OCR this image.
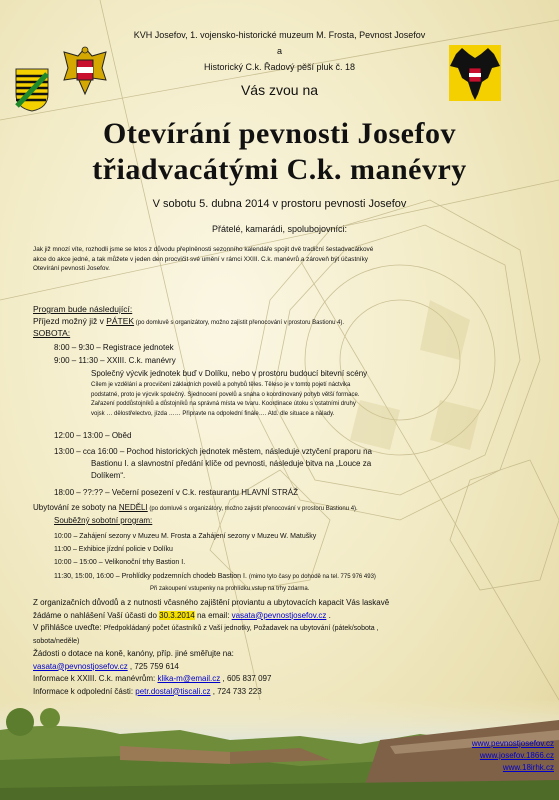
KVH Josefov, 1. vojensko-historické muzeum M. Frosta, Pevnost Josefov
a
Historický C.k. Řadový pěší pluk č. 18
Vás zvou na
Otevírání pevnosti Josefov
třiadvacátými C.k. manévry
V sobotu 5. dubna 2014 v prostoru pevnosti Josefov
Přátelé, kamarádi, spolubojovníci:
Jak již mnozí víte, rozhodli jsme se letos z důvodu přeplněnosti sezonního kalendáře spojit dvě tradiční šestadvacátkové
akce do akce jedné, a tak můžete v jeden den procvičit své umění v rámci XXIII. C.k. manévrů a zároveň být účastníky
Otevírání pevnosti Josefov.
Program bude následující:
Příjezd možný již v PÁTEK (po domluvě s organizátory, možno zajistit přenocování v prostoru Bastionu 4).
SOBOTA:
8:00 – 9:30 – Registrace jednotek
9:00 – 11:30 – XXIII. C.k. manévry
Společný výcvik jednotek buď v Dolíku, nebo v prostoru budoucí bitevní scény
Cílem je vzdělání a procvičení základních povelů a pohybů těles. Těleso je v tomto pojetí náctvika
podstatné, proto je výcvik společný. Sjednocení povelů a snaha o koordinovaný pohyb větší formace.
Zařazení poddůstojníků a důstojníků na správná místa ve tvaru. Koordinace útoku s ostatními druhy
vojsk … dělostřelectvo, jízda …… Připravte na odpolední finále…. Atd. dle situace a nálady.
12:00 – 13:00 – Oběd
13:00 – cca 16:00 – Pochod historických jednotek městem, následuje vztyčení praporu na
Bastionu I. a slavnostní předání klíče od pevnosti, následuje bitva na „Louce za
Dolíkem“.
18:00 – ??:?? – Večerní posezení v C.k. restaurantu HLAVNÍ STRÁŽ
Ubytování ze soboty na NEDĚLI (po domluvě s organizátory, možno zajistit přenocování v prostoru Bastionu 4).
Souběžný sobotní program:
10:00 – Zahájení sezony v Muzeu M. Frosta a Zahájení sezony v Muzeu W. Matušky
11:00 – Exhibice jízdní policie v Dolíku
10:00 – 15:00 – Velikonoční trhy Bastion I.
11:30, 15:00, 16:00 – Prohlídky podzemních chodeb Bastion I. (mimo tyto časy po dohodě na tel. 775 976 493)
Při zakoupení vstupenky na prohlídku vstup na trhy zdarma.
Z organizačních důvodů a z nutnosti včasného zajištění proviantu a ubytovacích kapacit Vás laskavě
žádáme o nahlášení Vaší účasti do 30.3.2014 na email: vasata@pevnostjosefov.cz .
V přihlášce uveďte: Předpokládaný počet účastníků z Vaší jednotky, Požadavek na ubytování (pátek/sobota ,
sobota/neděle)
Žádosti o dotace na koně, kanóny, příp. jiné směřujte na:
vasata@pevnostjosefov.cz , 725 759 614
Informace k XXIII. C.k. manévrům: klika-m@email.cz , 605 837 097
Informace k odpolední části: petr.dostal@tiscali.cz , 724 733 223
www.pevnostjosefov.cz
www.josefov.1866.cz
www.18irhk.cz
